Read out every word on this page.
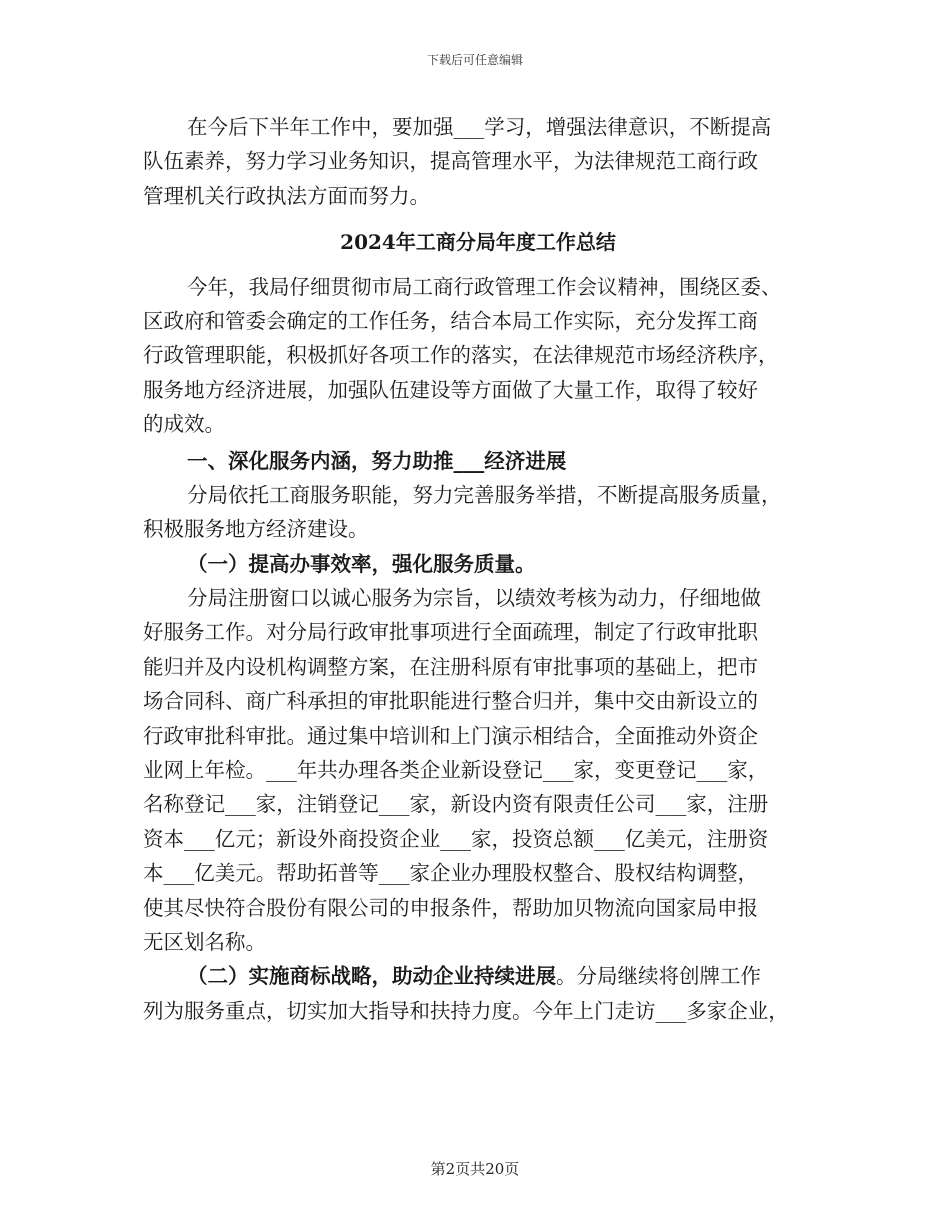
下载后可任意编辑
在今后下半年工作中，要加强___学习，增强法律意识，不断提高
队伍素养，努力学习业务知识，提高管理水平，为法律规范工商行政
管理机关行政执法方面而努力。
2024年工商分局年度工作总结
今年，我局仔细贯彻市局工商行政管理工作会议精神，围绕区委、
区政府和管委会确定的工作任务，结合本局工作实际，充分发挥工商
行政管理职能，积极抓好各项工作的落实，在法律规范市场经济秩序，
服务地方经济进展，加强队伍建设等方面做了大量工作，取得了较好
的成效。
一、深化服务内涵，努力助推___经济进展
分局依托工商服务职能，努力完善服务举措，不断提高服务质量，
积极服务地方经济建设。
（一）提高办事效率，强化服务质量。
分局注册窗口以诚心服务为宗旨，以绩效考核为动力，仔细地做
好服务工作。对分局行政审批事项进行全面疏理，制定了行政审批职
能归并及内设机构调整方案，在注册科原有审批事项的基础上，把市
场合同科、商广科承担的审批职能进行整合归并，集中交由新设立的
行政审批科审批。通过集中培训和上门演示相结合，全面推动外资企
业网上年检。___年共办理各类企业新设登记___家，变更登记___家，
名称登记___家，注销登记___家，新设内资有限责任公司___家，注册
资本___亿元；新设外商投资企业___家，投资总额___亿美元，注册资
本___亿美元。帮助拓普等___家企业办理股权整合、股权结构调整，
使其尽快符合股份有限公司的申报条件，帮助加贝物流向国家局申报
无区划名称。
（二）实施商标战略，助动企业持续进展。分局继续将创牌工作
列为服务重点，切实加大指导和扶持力度。今年上门走访___多家企业，
第2页共20页
